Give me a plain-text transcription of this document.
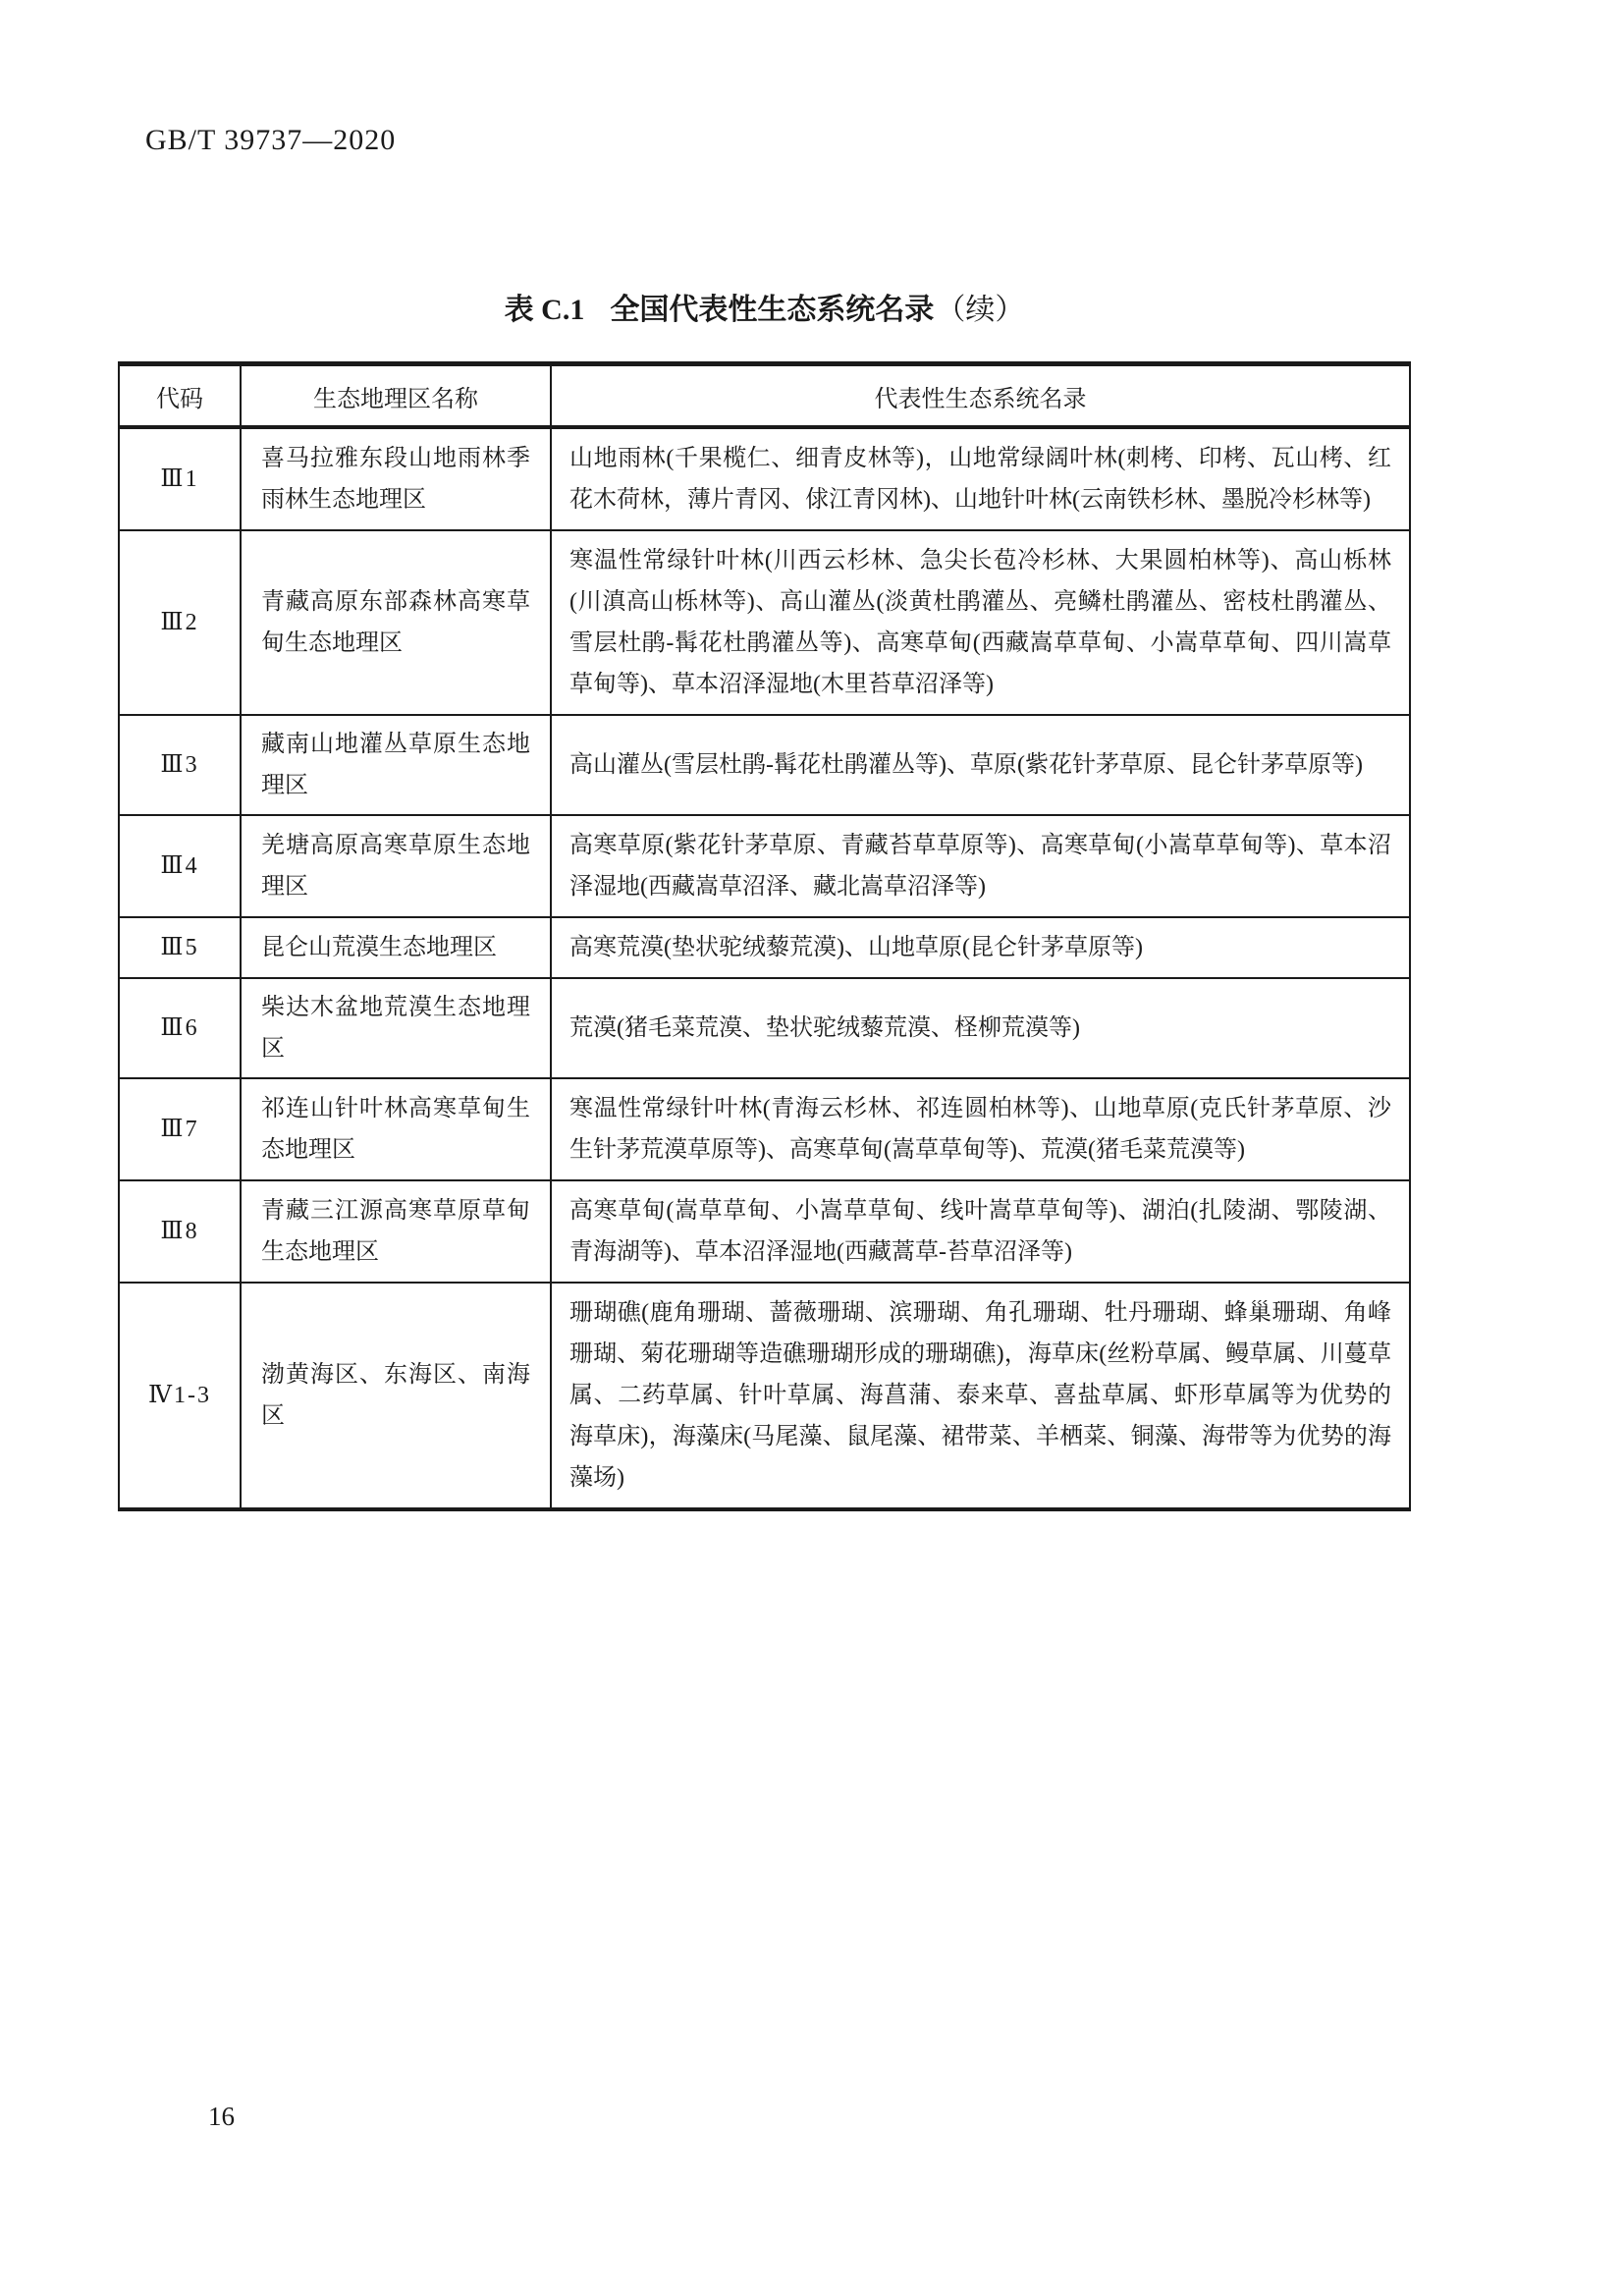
GB/T 39737—2020
表 C.1 全国代表性生态系统名录（续）
代码	生态地理区名称	代表性生态系统名录
Ⅲ1	喜马拉雅东段山地雨林季雨林生态地理区	山地雨林(千果榄仁、细青皮林等)，山地常绿阔叶林(刺栲、印栲、瓦山栲、红花木荷林，薄片青冈、俅江青冈林)、山地针叶林(云南铁杉林、墨脱冷杉林等)
Ⅲ2	青藏高原东部森林高寒草甸生态地理区	寒温性常绿针叶林(川西云杉林、急尖长苞冷杉林、大果圆柏林等)、高山栎林(川滇高山栎林等)、高山灌丛(淡黄杜鹃灌丛、亮鳞杜鹃灌丛、密枝杜鹃灌丛、雪层杜鹃-髯花杜鹃灌丛等)、高寒草甸(西藏嵩草草甸、小嵩草草甸、四川嵩草草甸等)、草本沼泽湿地(木里苔草沼泽等)
Ⅲ3	藏南山地灌丛草原生态地理区	高山灌丛(雪层杜鹃-髯花杜鹃灌丛等)、草原(紫花针茅草原、昆仑针茅草原等)
Ⅲ4	羌塘高原高寒草原生态地理区	高寒草原(紫花针茅草原、青藏苔草草原等)、高寒草甸(小嵩草草甸等)、草本沼泽湿地(西藏嵩草沼泽、藏北嵩草沼泽等)
Ⅲ5	昆仑山荒漠生态地理区	高寒荒漠(垫状驼绒藜荒漠)、山地草原(昆仑针茅草原等)
Ⅲ6	柴达木盆地荒漠生态地理区	荒漠(猪毛菜荒漠、垫状驼绒藜荒漠、柽柳荒漠等)
Ⅲ7	祁连山针叶林高寒草甸生态地理区	寒温性常绿针叶林(青海云杉林、祁连圆柏林等)、山地草原(克氏针茅草原、沙生针茅荒漠草原等)、高寒草甸(嵩草草甸等)、荒漠(猪毛菜荒漠等)
Ⅲ8	青藏三江源高寒草原草甸生态地理区	高寒草甸(嵩草草甸、小嵩草草甸、线叶嵩草草甸等)、湖泊(扎陵湖、鄂陵湖、青海湖等)、草本沼泽湿地(西藏蒿草-苔草沼泽等)
Ⅳ1-3	渤黄海区、东海区、南海区	珊瑚礁(鹿角珊瑚、蔷薇珊瑚、滨珊瑚、角孔珊瑚、牡丹珊瑚、蜂巢珊瑚、角峰珊瑚、菊花珊瑚等造礁珊瑚形成的珊瑚礁)，海草床(丝粉草属、鳗草属、川蔓草属、二药草属、针叶草属、海菖蒲、泰来草、喜盐草属、虾形草属等为优势的海草床)，海藻床(马尾藻、鼠尾藻、裙带菜、羊栖菜、铜藻、海带等为优势的海藻场)
16
